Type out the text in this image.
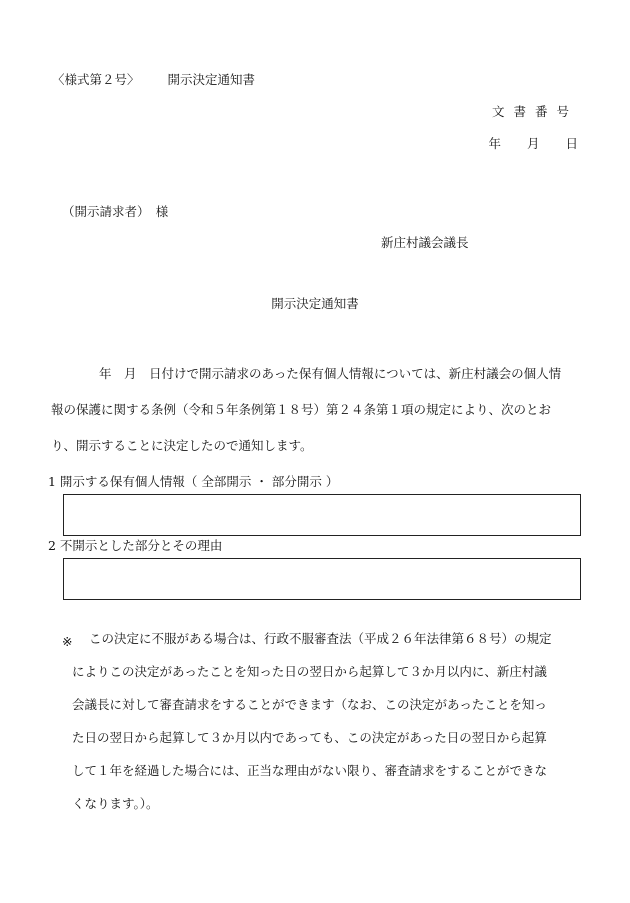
〈様式第２号〉 開示決定通知書
文書番号
年 月 日
（開示請求者）　様
新庄村議会議長
開示決定通知書
年　月　日付けで開示請求のあった保有個人情報については、新庄村議会の個人情
報の保護に関する条例（令和５年条例第１８号）第２４条第１項の規定により、次のとお
り、開示することに決定したので通知します。
1 開示する保有個人情報（ 全部開示 ・ 部分開示 ）
2 不開示とした部分とその理由
※	この決定に不服がある場合は、行政不服審査法（平成２６年法律第６８号）の規定
によりこの決定があったことを知った日の翌日から起算して３か月以内に、新庄村議
会議長に対して審査請求をすることができます（なお、この決定があったことを知っ
た日の翌日から起算して３か月以内であっても、この決定があった日の翌日から起算
して１年を経過した場合には、正当な理由がない限り、審査請求をすることができな
くなります。）。
